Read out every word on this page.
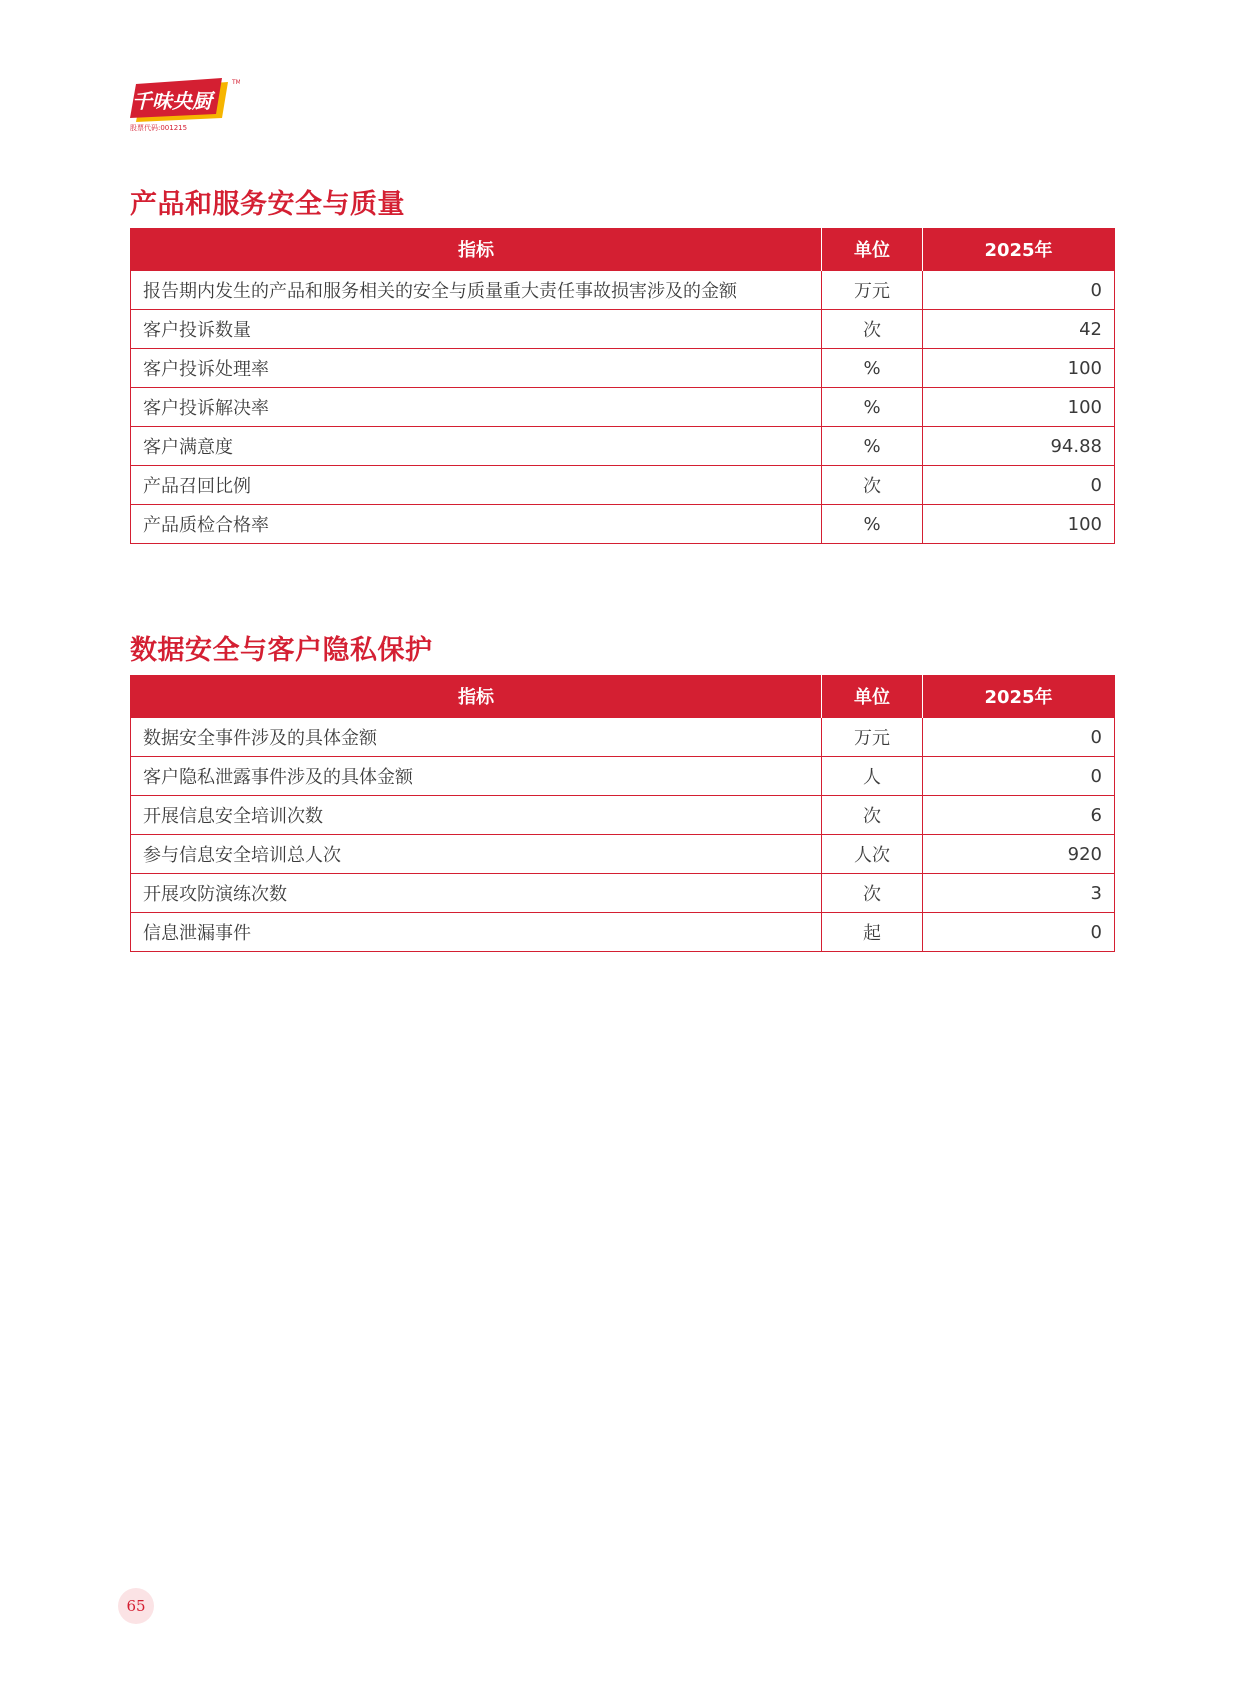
千味央厨
TM
股票代码:001215
产品和服务安全与质量
指标	单位	2025年
报告期内发生的产品和服务相关的安全与质量重大责任事故损害涉及的金额	万元	0
客户投诉数量	次	42
客户投诉处理率	%	100
客户投诉解决率	%	100
客户满意度	%	94.88
产品召回比例	次	0
产品质检合格率	%	100
数据安全与客户隐私保护
指标	单位	2025年
数据安全事件涉及的具体金额	万元	0
客户隐私泄露事件涉及的具体金额	人	0
开展信息安全培训次数	次	6
参与信息安全培训总人次	人次	920
开展攻防演练次数	次	3
信息泄漏事件	起	0
65
